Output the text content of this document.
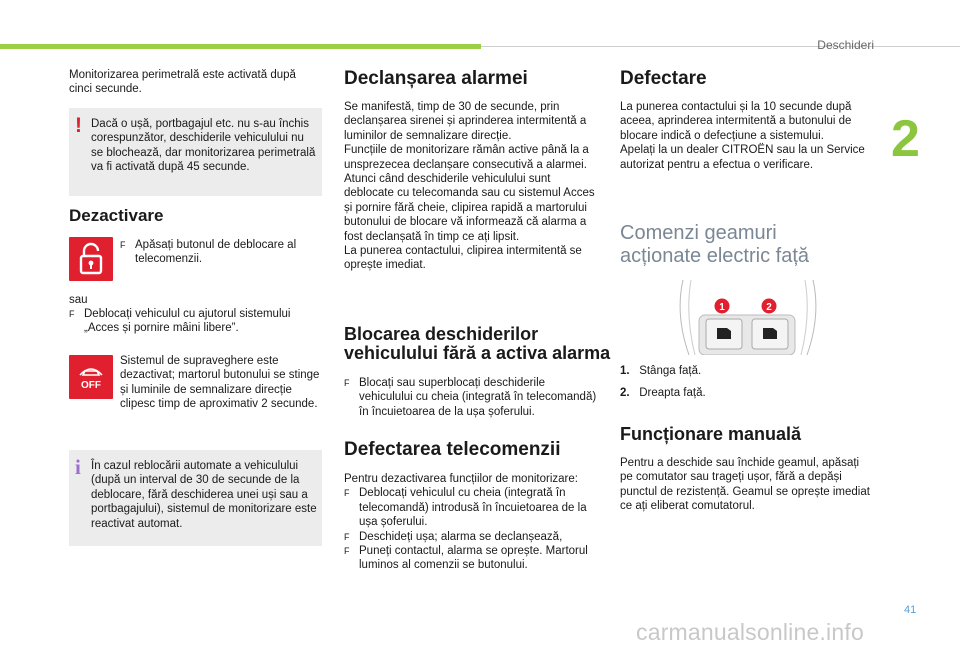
Deschideri
2
Monitorizarea perimetrală este activată după cinci secunde.
! Dacă o ușă, portbagajul etc. nu s-au închis corespunzător, deschiderile vehiculului nu se blochează, dar monitorizarea perimetrală va fi activată după 45 secunde.
Dezactivare
F Apăsați butonul de deblocare al telecomenzii.
sau
F Deblocați vehiculul cu ajutorul sistemului „Acces și pornire mâini libere”.
OFF
Sistemul de supraveghere este dezactivat; martorul butonului se stinge și luminile de semnalizare direcție clipesc timp de aproximativ 2 secunde.
i În cazul reblocării automate a vehiculului (după un interval de 30 de secunde de la deblocare, fără deschiderea unei uși sau a portbagajului), sistemul de monitorizare este reactivat automat.
Declanșarea alarmei
Se manifestă, timp de 30 de secunde, prin declanșarea sirenei și aprinderea intermitentă a luminilor de semnalizare direcție.
Funcțiile de monitorizare rămân active până la a unsprezecea declanșare consecutivă a alarmei.
Atunci când deschiderile vehiculului sunt deblocate cu telecomanda sau cu sistemul Acces și pornire fără cheie, clipirea rapidă a martorului butonului de blocare vă informează că alarma a fost declanșată în timp ce ați lipsit.
La punerea contactului, clipirea intermitentă se oprește imediat.
Blocarea deschiderilor
vehiculului fără a activa alarma
F Blocați sau superblocați deschiderile vehiculului cu cheia (integrată în telecomandă) în încuietoarea de la ușa șoferului.
Defectarea telecomenzii
Pentru dezactivarea funcțiilor de monitorizare:
F Deblocați vehiculul cu cheia (integrată în telecomandă) introdusă în încuietoarea de la ușa șoferului.
F Deschideți ușa; alarma se declanșează,
F Puneți contactul, alarma se oprește. Martorul luminos al comenzii se butonului.
Defectare
La punerea contactului și la 10 secunde după aceea, aprinderea intermitentă a butonului de blocare indică o defecțiune a sistemului.
Apelați la un dealer CITROËN sau la un Service autorizat pentru a efectua o verificare.
Comenzi geamuri
acționate electric față
1	2
1. Stânga față.
2. Dreapta față.
Funcționare manuală
Pentru a deschide sau închide geamul, apăsați pe comutator sau trageți ușor, fără a depăși punctul de rezistență. Geamul se oprește imediat ce ați eliberat comutatorul.
41
carmanualsonline.info
